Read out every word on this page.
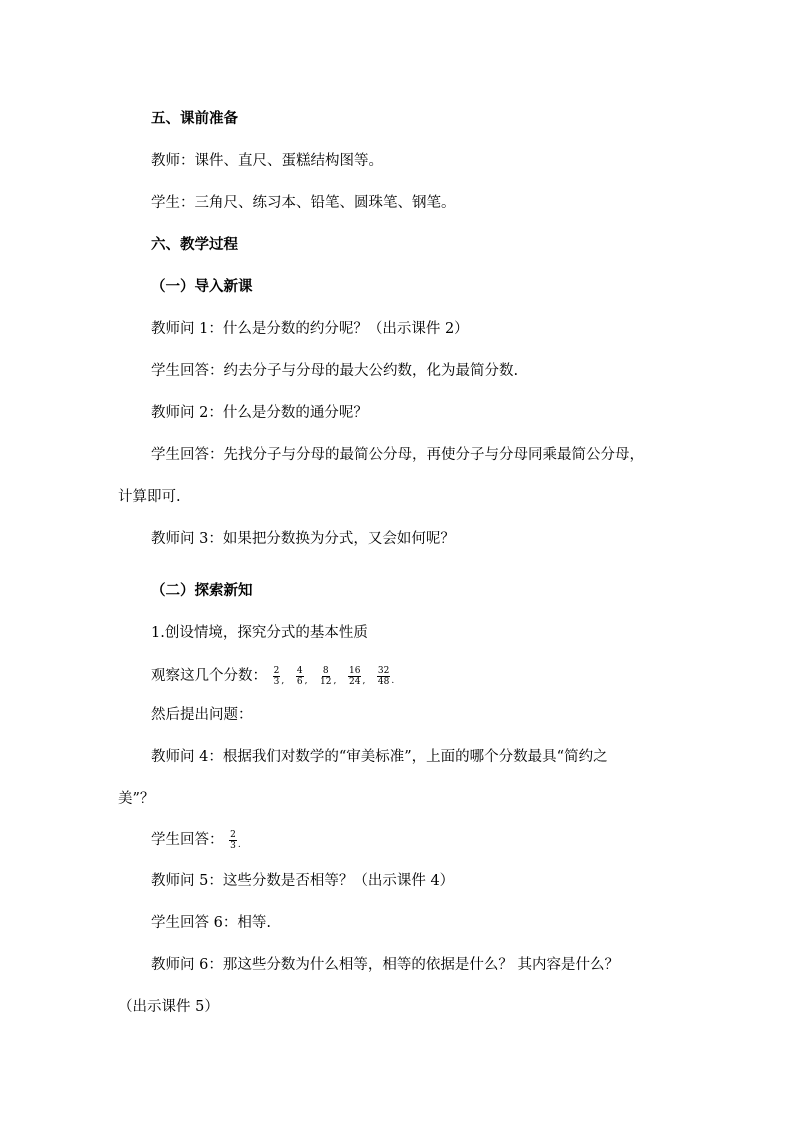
五、课前准备
教师：课件、直尺、蛋糕结构图等。
学生：三角尺、练习本、铅笔、圆珠笔、钢笔。
六、教学过程
（一）导入新课
教师问 1：什么是分数的约分呢？（出示课件 2）
学生回答：约去分子与分母的最大公约数，化为最简分数.
教师问 2：什么是分数的通分呢？
学生回答：先找分子与分母的最简公分母，再使分子与分母同乘最简公分母，
计算即可.
教师问 3：如果把分数换为分式，又会如何呢？
（二）探索新知
1.创设情境，探究分式的基本性质
观察这几个分数： $\frac{2}{3} _, \frac{4}{6} _, \frac{8}{12} _, \frac{16}{24} _, \frac{32}{48} _.$
然后提出问题：
教师问 4：根据我们对数学的“审美标准”，上面的哪个分数最具“简约之
美”？
学生回答： $\frac{2}{3} _.$
教师问 5：这些分数是否相等？（出示课件 4）
学生回答 6：相等.
教师问 6：那这些分数为什么相等，相等的依据是什么？ 其内容是什么？
（出示课件 5）
